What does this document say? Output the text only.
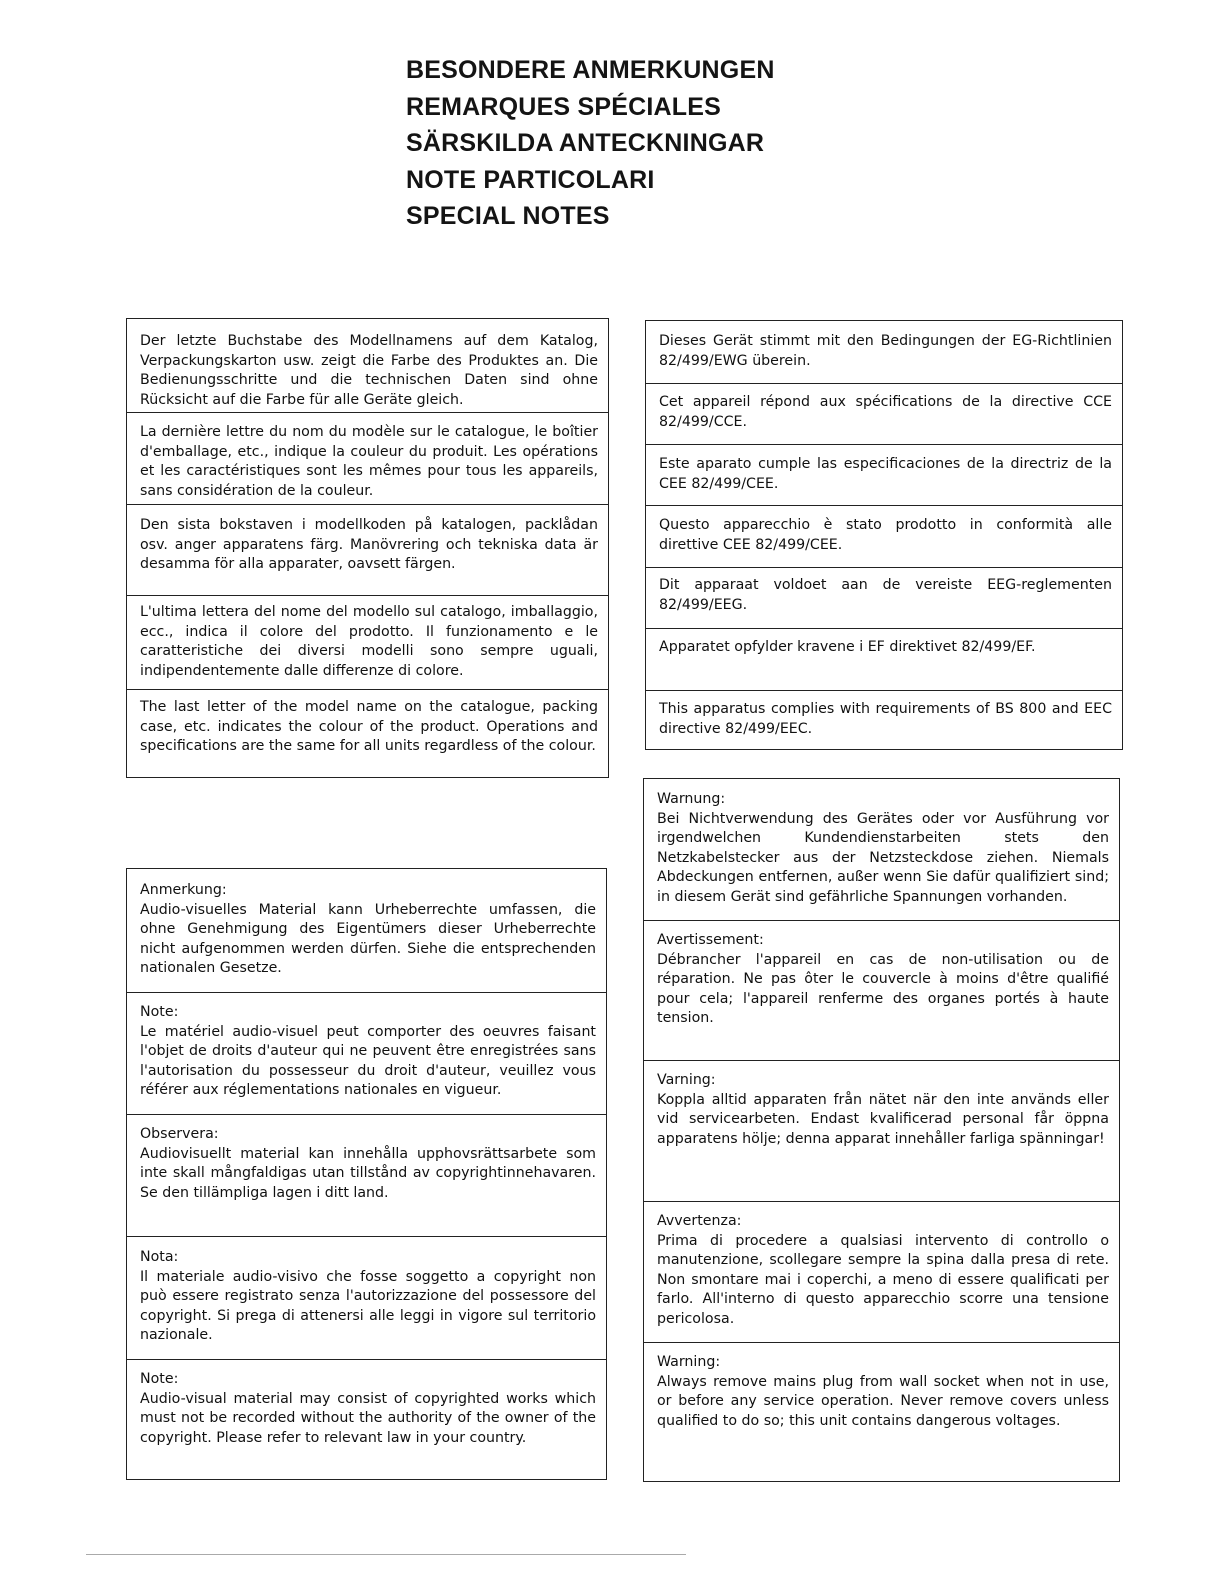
BESONDERE ANMERKUNGEN
REMARQUES SPÉCIALES
SÄRSKILDA ANTECKNINGAR
NOTE PARTICOLARI
SPECIAL NOTES
Der letzte Buchstabe des Modellnamens auf dem Katalog, Verpackungskarton usw. zeigt die Farbe des Produktes an. Die Bedienungsschritte und die technischen Daten sind ohne Rücksicht auf die Farbe für alle Geräte gleich.
La dernière lettre du nom du modèle sur le catalogue, le boîtier d'emballage, etc., indique la couleur du produit. Les opérations et les caractéristiques sont les mêmes pour tous les appareils, sans considération de la couleur.
Den sista bokstaven i modellkoden på katalogen, packlådan osv. anger apparatens färg. Manövrering och tekniska data är desamma för alla apparater, oavsett färgen.
L'ultima lettera del nome del modello sul catalogo, imballaggio, ecc., indica il colore del prodotto. Il funzionamento e le caratteristiche dei diversi modelli sono sempre uguali, indipendentemente dalle differenze di colore.
The last letter of the model name on the catalogue, packing case, etc. indicates the colour of the product. Operations and specifications are the same for all units regardless of the colour.
Dieses Gerät stimmt mit den Bedingungen der EG-Richtlinien 82/499/EWG überein.
Cet appareil répond aux spécifications de la directive CCE 82/499/CCE.
Este aparato cumple las especificaciones de la directriz de la CEE 82/499/CEE.
Questo apparecchio è stato prodotto in conformità alle direttive CEE 82/499/CEE.
Dit apparaat voldoet aan de vereiste EEG-reglementen 82/499/EEG.
Apparatet opfylder kravene i EF direktivet 82/499/EF.
This apparatus complies with requirements of BS 800 and EEC directive 82/499/EEC.
Anmerkung:
Audio-visuelles Material kann Urheberrechte umfassen, die ohne Genehmigung des Eigentümers dieser Urheberrechte nicht aufgenommen werden dürfen. Siehe die entsprechenden nationalen Gesetze.
Note:
Le matériel audio-visuel peut comporter des oeuvres faisant l'objet de droits d'auteur qui ne peuvent être enregistrées sans l'autorisation du possesseur du droit d'auteur, veuillez vous référer aux réglementations nationales en vigueur.
Observera:
Audiovisuellt material kan innehålla upphovsrättsarbete som inte skall mångfaldigas utan tillstånd av copyrightinnehavaren. Se den tillämpliga lagen i ditt land.
Nota:
Il materiale audio-visivo che fosse soggetto a copyright non può essere registrato senza l'autorizzazione del possessore del copyright. Si prega di attenersi alle leggi in vigore sul territorio nazionale.
Note:
Audio-visual material may consist of copyrighted works which must not be recorded without the authority of the owner of the copyright. Please refer to relevant law in your country.
Warnung:
Bei Nichtverwendung des Gerätes oder vor Ausführung vor irgendwelchen Kundendienstarbeiten stets den Netzkabelstecker aus der Netzsteckdose ziehen. Niemals Abdeckungen entfernen, außer wenn Sie dafür qualifiziert sind; in diesem Gerät sind gefährliche Spannungen vorhanden.
Avertissement:
Débrancher l'appareil en cas de non-utilisation ou de réparation. Ne pas ôter le couvercle à moins d'être qualifié pour cela; l'appareil renferme des organes portés à haute tension.
Varning:
Koppla alltid apparaten från nätet när den inte används eller vid servicearbeten. Endast kvalificerad personal får öppna apparatens hölje; denna apparat innehåller farliga spänningar!
Avvertenza:
Prima di procedere a qualsiasi intervento di controllo o manutenzione, scollegare sempre la spina dalla presa di rete. Non smontare mai i coperchi, a meno di essere qualificati per farlo. All'interno di questo apparecchio scorre una tensione pericolosa.
Warning:
Always remove mains plug from wall socket when not in use, or before any service operation. Never remove covers unless qualified to do so; this unit contains dangerous voltages.
